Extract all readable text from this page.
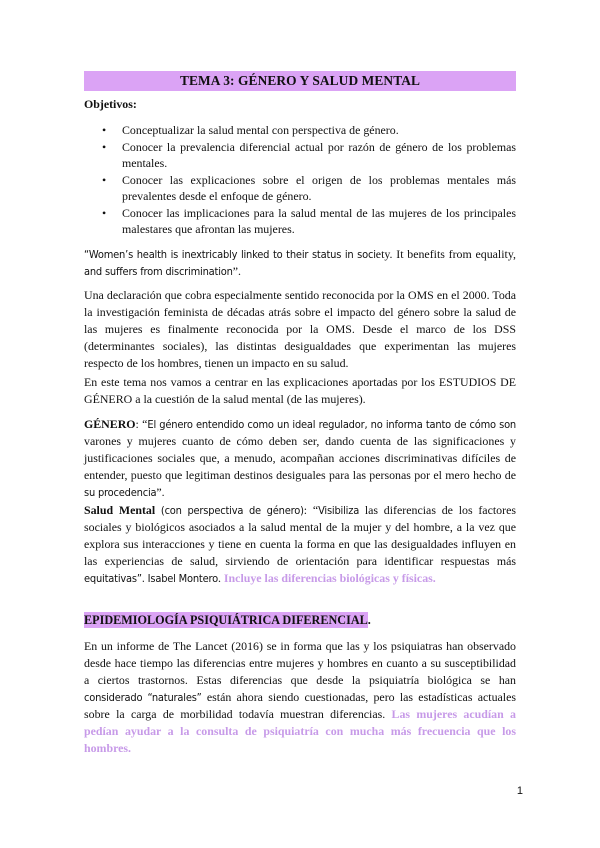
TEMA 3: GÉNERO Y SALUD MENTAL
Objetivos:
• Conceptualizar la salud mental con perspectiva de género.
• Conocer la prevalencia diferencial actual por razón de género de los problemas mentales.
• Conocer las explicaciones sobre el origen de los problemas mentales más prevalentes desde el enfoque de género.
• Conocer las implicaciones para la salud mental de las mujeres de los principales malestares que afrontan las mujeres.
“Women’s health is inextricably linked to their status in society. It benefits from equality, and suffers from discrimination”.
Una declaración que cobra especialmente sentido reconocida por la OMS en el 2000. Toda la investigación feminista de décadas atrás sobre el impacto del género sobre la salud de las mujeres es finalmente reconocida por la OMS. Desde el marco de los DSS (determinantes sociales), las distintas desigualdades que experimentan las mujeres respecto de los hombres, tienen un impacto en su salud.
En este tema nos vamos a centrar en las explicaciones aportadas por los ESTUDIOS DE GÉNERO a la cuestión de la salud mental (de las mujeres).
GÉNERO: “El género entendido como un ideal regulador, no informa tanto de cómo son varones y mujeres cuanto de cómo deben ser, dando cuenta de las significaciones y justificaciones sociales que, a menudo, acompañan acciones discriminativas difíciles de entender, puesto que legitiman destinos desiguales para las personas por el mero hecho de su procedencia”.
Salud Mental (con perspectiva de género): “Visibiliza las diferencias de los factores sociales y biológicos asociados a la salud mental de la mujer y del hombre, a la vez que explora sus interacciones y tiene en cuenta la forma en que las desigualdades influyen en las experiencias de salud, sirviendo de orientación para identificar respuestas más equitativas”. Isabel Montero. Incluye las diferencias biológicas y físicas.
EPIDEMIOLOGÍA PSIQUIÁTRICA DIFERENCIAL.
En un informe de The Lancet (2016) se in forma que las y los psiquiatras han observado desde hace tiempo las diferencias entre mujeres y hombres en cuanto a su susceptibilidad a ciertos trastornos. Estas diferencias que desde la psiquiatría biológica se han considerado “naturales” están ahora siendo cuestionadas, pero las estadísticas actuales sobre la carga de morbilidad todavía muestran diferencias. Las mujeres acudían a pedían ayudar a la consulta de psiquiatría con mucha más frecuencia que los hombres.
1
